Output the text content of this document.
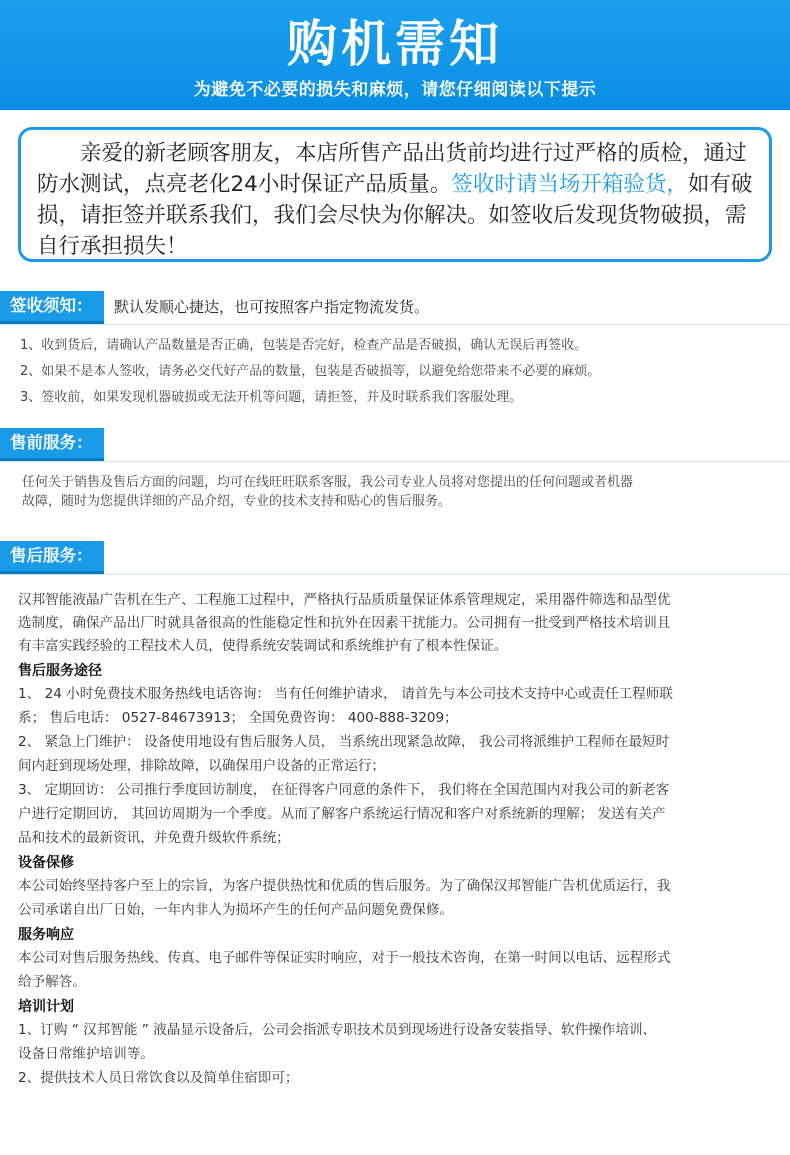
购机需知
为避免不必要的损失和麻烦，请您仔细阅读以下提示
亲爱的新老顾客朋友，本店所售产品出货前均进行过严格的质检，通过防水测试，点亮老化24小时保证产品质量。签收时请当场开箱验货，如有破损，请拒签并联系我们，我们会尽快为你解决。如签收后发现货物破损，需自行承担损失！
签收须知：	默认发顺心捷达，也可按照客户指定物流发货。
1、收到货后，请确认产品数量是否正确，包装是否完好，检查产品是否破损，确认无误后再签收。
2、如果不是本人签收，请务必交代好产品的数量，包装是否破损等，以避免给您带来不必要的麻烦。
3、签收前，如果发现机器破损或无法开机等问题，请拒签，并及时联系我们客服处理。
售前服务：
任何关于销售及售后方面的问题，均可在线旺旺联系客服，我公司专业人员将对您提出的任何问题或者机器
故障，随时为您提供详细的产品介绍，专业的技术支持和贴心的售后服务。
售后服务：
汉邦智能液晶广告机在生产、工程施工过程中，严格执行品质质量保证体系管理规定，采用器件筛选和品型优
选制度，确保产品出厂时就具备很高的性能稳定性和抗外在因素干扰能力。公司拥有一批受到严格技术培训且
有丰富实践经验的工程技术人员，使得系统安装调试和系统维护有了根本性保证。
售后服务途径
1、 24 小时免费技术服务热线电话咨询： 当有任何维护请求， 请首先与本公司技术支持中心或责任工程师联
系； 售后电话： 0527-84673913； 全国免费咨询： 400-888-3209；
2、 紧急上门维护： 设备使用地设有售后服务人员， 当系统出现紧急故障， 我公司将派维护工程师在最短时
间内赶到现场处理，排除故障，以确保用户设备的正常运行；
3、 定期回访： 公司推行季度回访制度， 在征得客户同意的条件下， 我们将在全国范围内对我公司的新老客
户进行定期回访， 其回访周期为一个季度。从而了解客户系统运行情况和客户对系统新的理解； 发送有关产
品和技术的最新资讯，并免费升级软件系统；
设备保修
本公司始终坚持客户至上的宗旨，为客户提供热忱和优质的售后服务。为了确保汉邦智能广告机优质运行，我
公司承诺自出厂日始，一年内非人为损坏产生的任何产品问题免费保修。
服务响应
本公司对售后服务热线、传真、电子邮件等保证实时响应，对于一般技术咨询，在第一时间以电话、远程形式
给予解答。
培训计划
1、订购 “ 汉邦智能 ” 液晶显示设备后，公司会指派专职技术员到现场进行设备安装指导、软件操作培训、
设备日常维护培训等。
2、提供技术人员日常饮食以及简单住宿即可；
